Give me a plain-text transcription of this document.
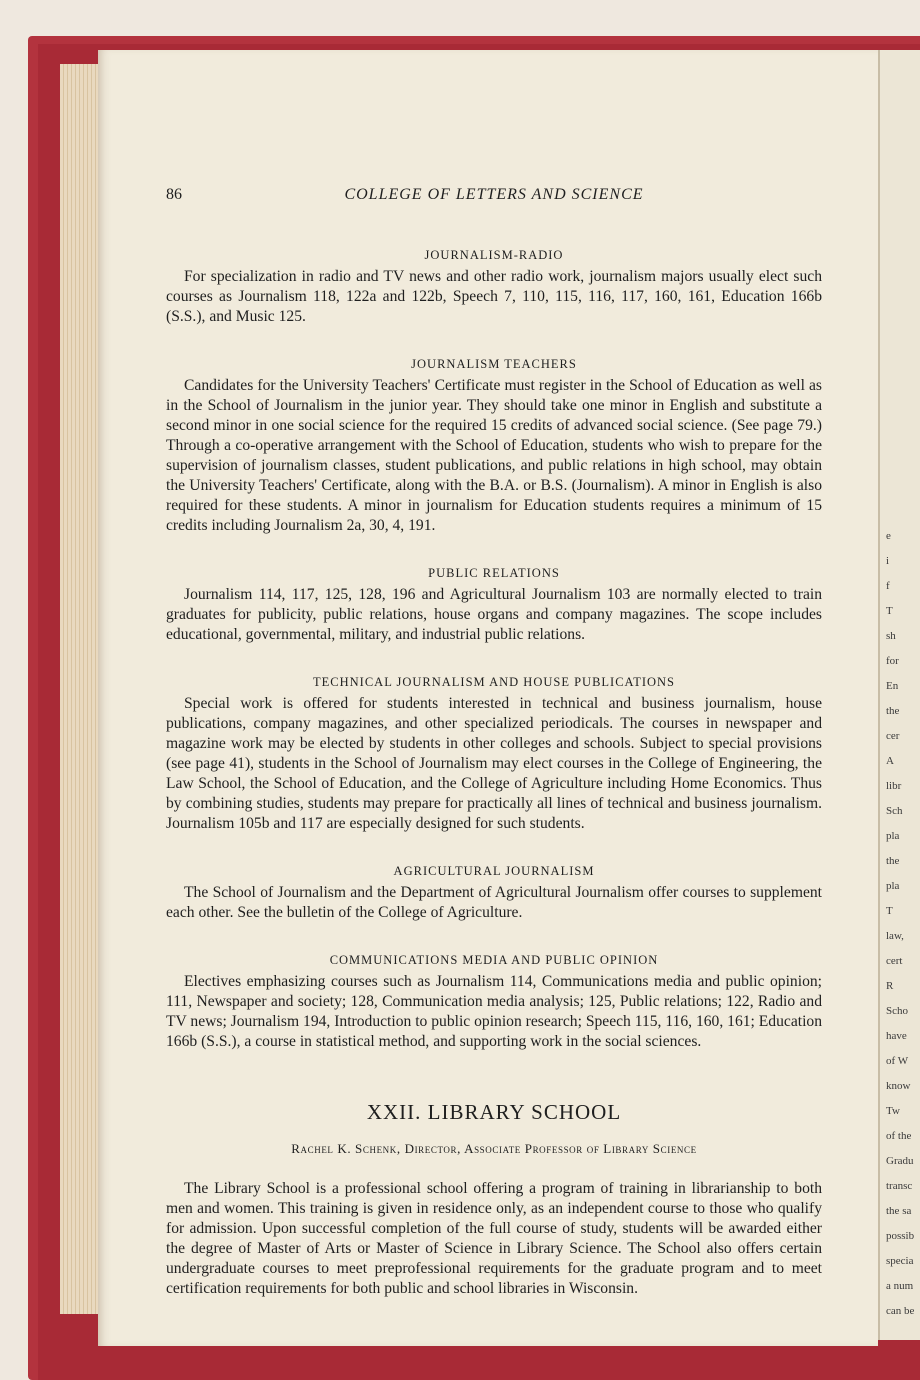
86	COLLEGE OF LETTERS AND SCIENCE
JOURNALISM-RADIO

For specialization in radio and TV news and other radio work, journalism majors usually elect such courses as Journalism 118, 122a and 122b, Speech 7, 110, 115, 116, 117, 160, 161, Education 166b (S.S.), and Music 125.

JOURNALISM TEACHERS

Candidates for the University Teachers' Certificate must register in the School of Education as well as in the School of Journalism in the junior year. They should take one minor in English and substitute a second minor in one social science for the required 15 credits of advanced social science. (See page 79.) Through a co-operative arrangement with the School of Education, students who wish to prepare for the supervision of journalism classes, student publications, and public relations in high school, may obtain the University Teachers' Certificate, along with the B.A. or B.S. (Journalism). A minor in English is also required for these students. A minor in journalism for Education students requires a minimum of 15 credits including Journalism 2a, 30, 4, 191.

PUBLIC RELATIONS

Journalism 114, 117, 125, 128, 196 and Agricultural Journalism 103 are normally elected to train graduates for publicity, public relations, house organs and company magazines. The scope includes educational, governmental, military, and industrial public relations.

TECHNICAL JOURNALISM AND HOUSE PUBLICATIONS

Special work is offered for students interested in technical and business journalism, house publications, company magazines, and other specialized periodicals. The courses in newspaper and magazine work may be elected by students in other colleges and schools. Subject to special provisions (see page 41), students in the School of Journalism may elect courses in the College of Engineering, the Law School, the School of Education, and the College of Agriculture including Home Economics. Thus by combining studies, students may prepare for practically all lines of technical and business journalism. Journalism 105b and 117 are especially designed for such students.

AGRICULTURAL JOURNALISM

The School of Journalism and the Department of Agricultural Journalism offer courses to supplement each other. See the bulletin of the College of Agriculture.

COMMUNICATIONS MEDIA AND PUBLIC OPINION

Electives emphasizing courses such as Journalism 114, Communications media and public opinion; 111, Newspaper and society; 128, Communication media analysis; 125, Public relations; 122, Radio and TV news; Journalism 194, Introduction to public opinion research; Speech 115, 116, 160, 161; Education 166b (S.S.), a course in statistical method, and supporting work in the social sciences.

XXII. LIBRARY SCHOOL
Rachel K. Schenk, Director, Associate Professor of Library Science

The Library School is a professional school offering a program of training in librarianship to both men and women. This training is given in residence only, as an independent course to those who qualify for admission. Upon successful completion of the full course of study, students will be awarded either the degree of Master of Arts or Master of Science in Library Science. The School also offers certain undergraduate courses to meet preprofessional requirements for the graduate program and to meet certification requirements for both public and school libraries in Wisconsin.

e
i
f
T
sh
for
En
the
cer
A
libr
Sch
pla
the
pla
T
law,
cert
R
Scho
have
of W
know
Tw
of the
Gradu
transc
the sa
possib
specia
a num
can be
